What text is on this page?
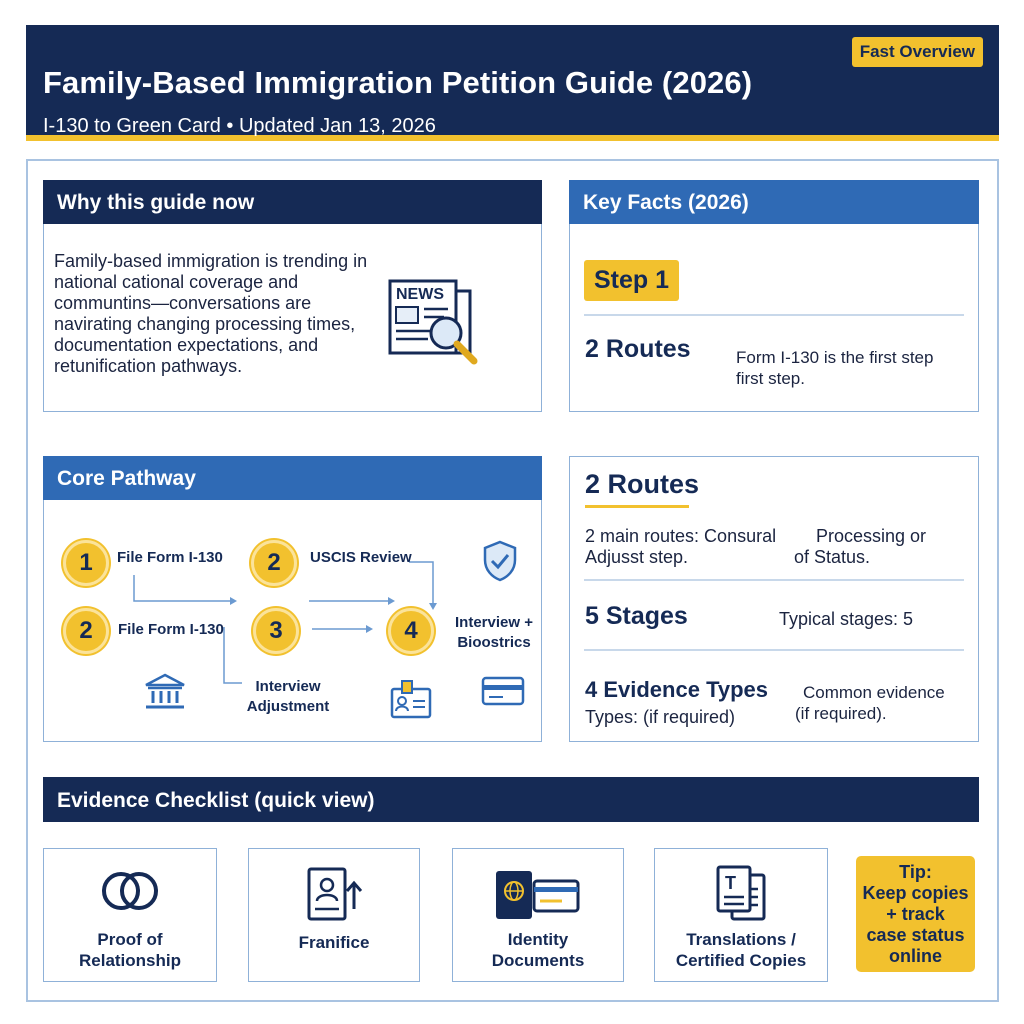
Family-Based Immigration Petition Guide (2026)
I-130 to Green Card • Updated Jan 13, 2026
Fast Overview
Why this guide now
Family-based immigration is trending in national cational coverage and communtins—conversations are navirating changing processing times, documentation expectations, and retunification pathways.
NEWS
Key Facts (2026)
Step 1
2 Routes	Form I-130 is the first step
first step.
Core Pathway
1	File Form I-130	2	USCIS Review
2	File Form I-130	3	4	Interview + Bioostrics
Interview
Adjustment
2 Routes
2 main routes: Consural Processing or
Adjusst step.	of Status.
5 Stages	Typical stages: 5
4 Evidence Types
Types: (if required)
Common evidence
(if required).
Evidence Checklist (quick view)
Proof of
Relationship
Franifice	Identity
Documents
T
Translations /
Certified Copies
Tip:
Keep copies
+ track
case status
online
